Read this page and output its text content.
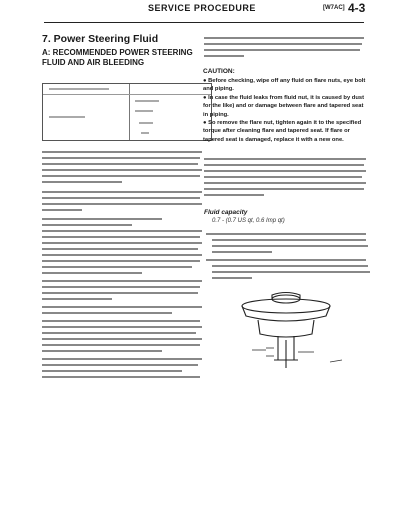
SERVICE PROCEDURE	[W7AC] 4-3
7. Power Steering Fluid
A: RECOMMENDED POWER STEERING FLUID AND AIR BLEEDING
CAUTION:

● Before checking, wipe off any fluid on flare nuts, eye bolt and piping.

● In case the fluid leaks from fluid nut, it is caused by dust for the like) and or damage between flare and tapered seat in piping.

● So remove the flare nut, tighten again it to the specified torque after cleaning flare and tapered seat. If flare or tapered seat is damaged, replace it with a new one.

Fluid capacity
0.7 - (0.7 US qt, 0.6 Imp qt)
